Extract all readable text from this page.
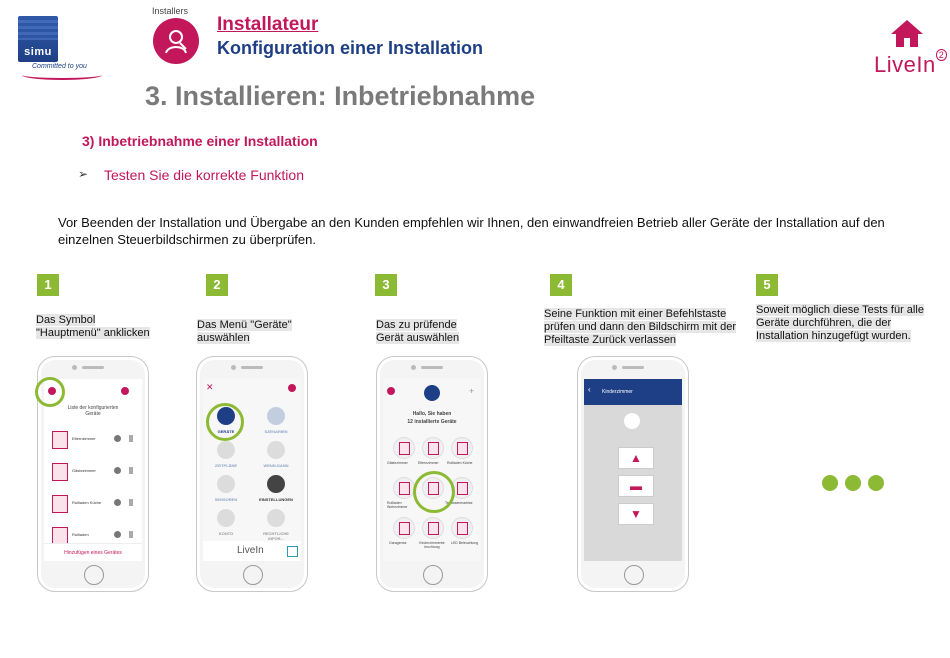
simu
Committed to you
Installers
Installateur
Konfiguration einer Installation
LiveIn $^2$
3. Installieren: Inbetriebnahme
3) Inbetriebnahme einer Installation
➢ Testen Sie die korrekte Funktion
Vor Beenden der Installation und Übergabe an den Kunden empfehlen wir Ihnen, den einwandfreien Betrieb aller Geräte der Installation auf den einzelnen Steuerbildschirmen zu überprüfen.
1	2	3	4	5
Das Symbol
"Hauptmenü" anklicken
Das Menü "Geräte"
auswählen
Das zu prüfende
Gerät auswählen
Seine Funktion mit einer Befehlstaste
prüfen und dann den Bildschirm mit der
Pfeiltaste Zurück verlassen
Soweit möglich diese Tests für alle
Geräte durchführen, die der
Installation hinzugefügt wurden.
Liste der konfigurierten Geräte
Elternzimmer
Gästezimmer
Rollladen Küche
Rollladen
Hinzufügen eines Gerätes
✕
GERÄTE	SZENARIEN
ZEITPLÄNE	WENN-DANN
SENSOREN	EINSTELLUNGEN
KONTO	RECHTLICHE INFOR...
LiveIn
+
Hallo, Sie haben
12 installierte Geräte
Gästezimmer	Elternzimmer Rollladen Küche
Rollladen Wohnzimmer
Terrassenmarkise
Garagentor	Kinderzimmerbe leuchtung
LED Beleuchtung
‹ Kinderzimmer
▲
▬
▼
